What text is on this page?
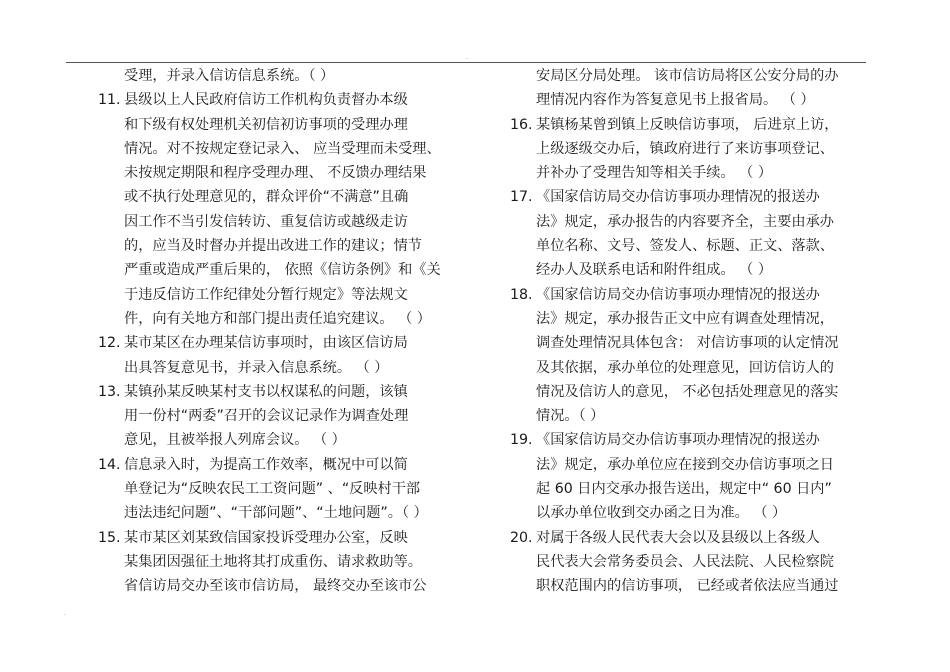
.
.
受理，并录入信访信息系统。（ ）
11. 县级以上人民政府信访工作机构负责督办本级
和下级有权处理机关初信初访事项的受理办理
情况。对不按规定登记录入、 应当受理而未受理、
未按规定期限和程序受理办理、 不反馈办理结果
或不执行处理意见的，群众评价“不满意”且确
因工作不当引发信转访、重复信访或越级走访
的，应当及时督办并提出改进工作的建议；情节
严重或造成严重后果的， 依照《信访条例》和《关
于违反信访工作纪律处分暂行规定》等法规文
件，向有关地方和部门提出责任追究建议。 （ ）
12. 某市某区在办理某信访事项时，由该区信访局
出具答复意见书，并录入信息系统。 （ ）
13. 某镇孙某反映某村支书以权谋私的问题，该镇
用一份村“两委”召开的会议记录作为调查处理
意见，且被举报人列席会议。 （ ）
14. 信息录入时，为提高工作效率，概况中可以简
单登记为“反映农民工工资问题” 、“反映村干部
违法违纪问题”、“干部问题”、“土地问题”。（ ）
15. 某市某区刘某致信国家投诉受理办公室，反映
某集团因强征土地将其打成重伤、请求救助等。
省信访局交办至该市信访局， 最终交办至该市公
安局区分局处理。 该市信访局将区公安分局的办
理情况内容作为答复意见书上报省局。 （ ）
16. 某镇杨某曾到镇上反映信访事项， 后进京上访，
上级逐级交办后，镇政府进行了来访事项登记、
并补办了受理告知等相关手续。 （ ）
17. 《国家信访局交办信访事项办理情况的报送办
法》规定，承办报告的内容要齐全，主要由承办
单位名称、文号、签发人、标题、正文、落款、
经办人及联系电话和附件组成。 （ ）
18. 《国家信访局交办信访事项办理情况的报送办
法》规定，承办报告正文中应有调查处理情况，
调查处理情况具体包含： 对信访事项的认定情况
及其依据，承办单位的处理意见，回访信访人的
情况及信访人的意见， 不必包括处理意见的落实
情况。（ ）
19. 《国家信访局交办信访事项办理情况的报送办
法》规定，承办单位应在接到交办信访事项之日
起 60 日内交承办报告送出，规定中“ 60 日内”
以承办单位收到交办函之日为准。 （ ）
20. 对属于各级人民代表大会以及县级以上各级人
民代表大会常务委员会、人民法院、人民检察院
职权范围内的信访事项， 已经或者依法应当通过
